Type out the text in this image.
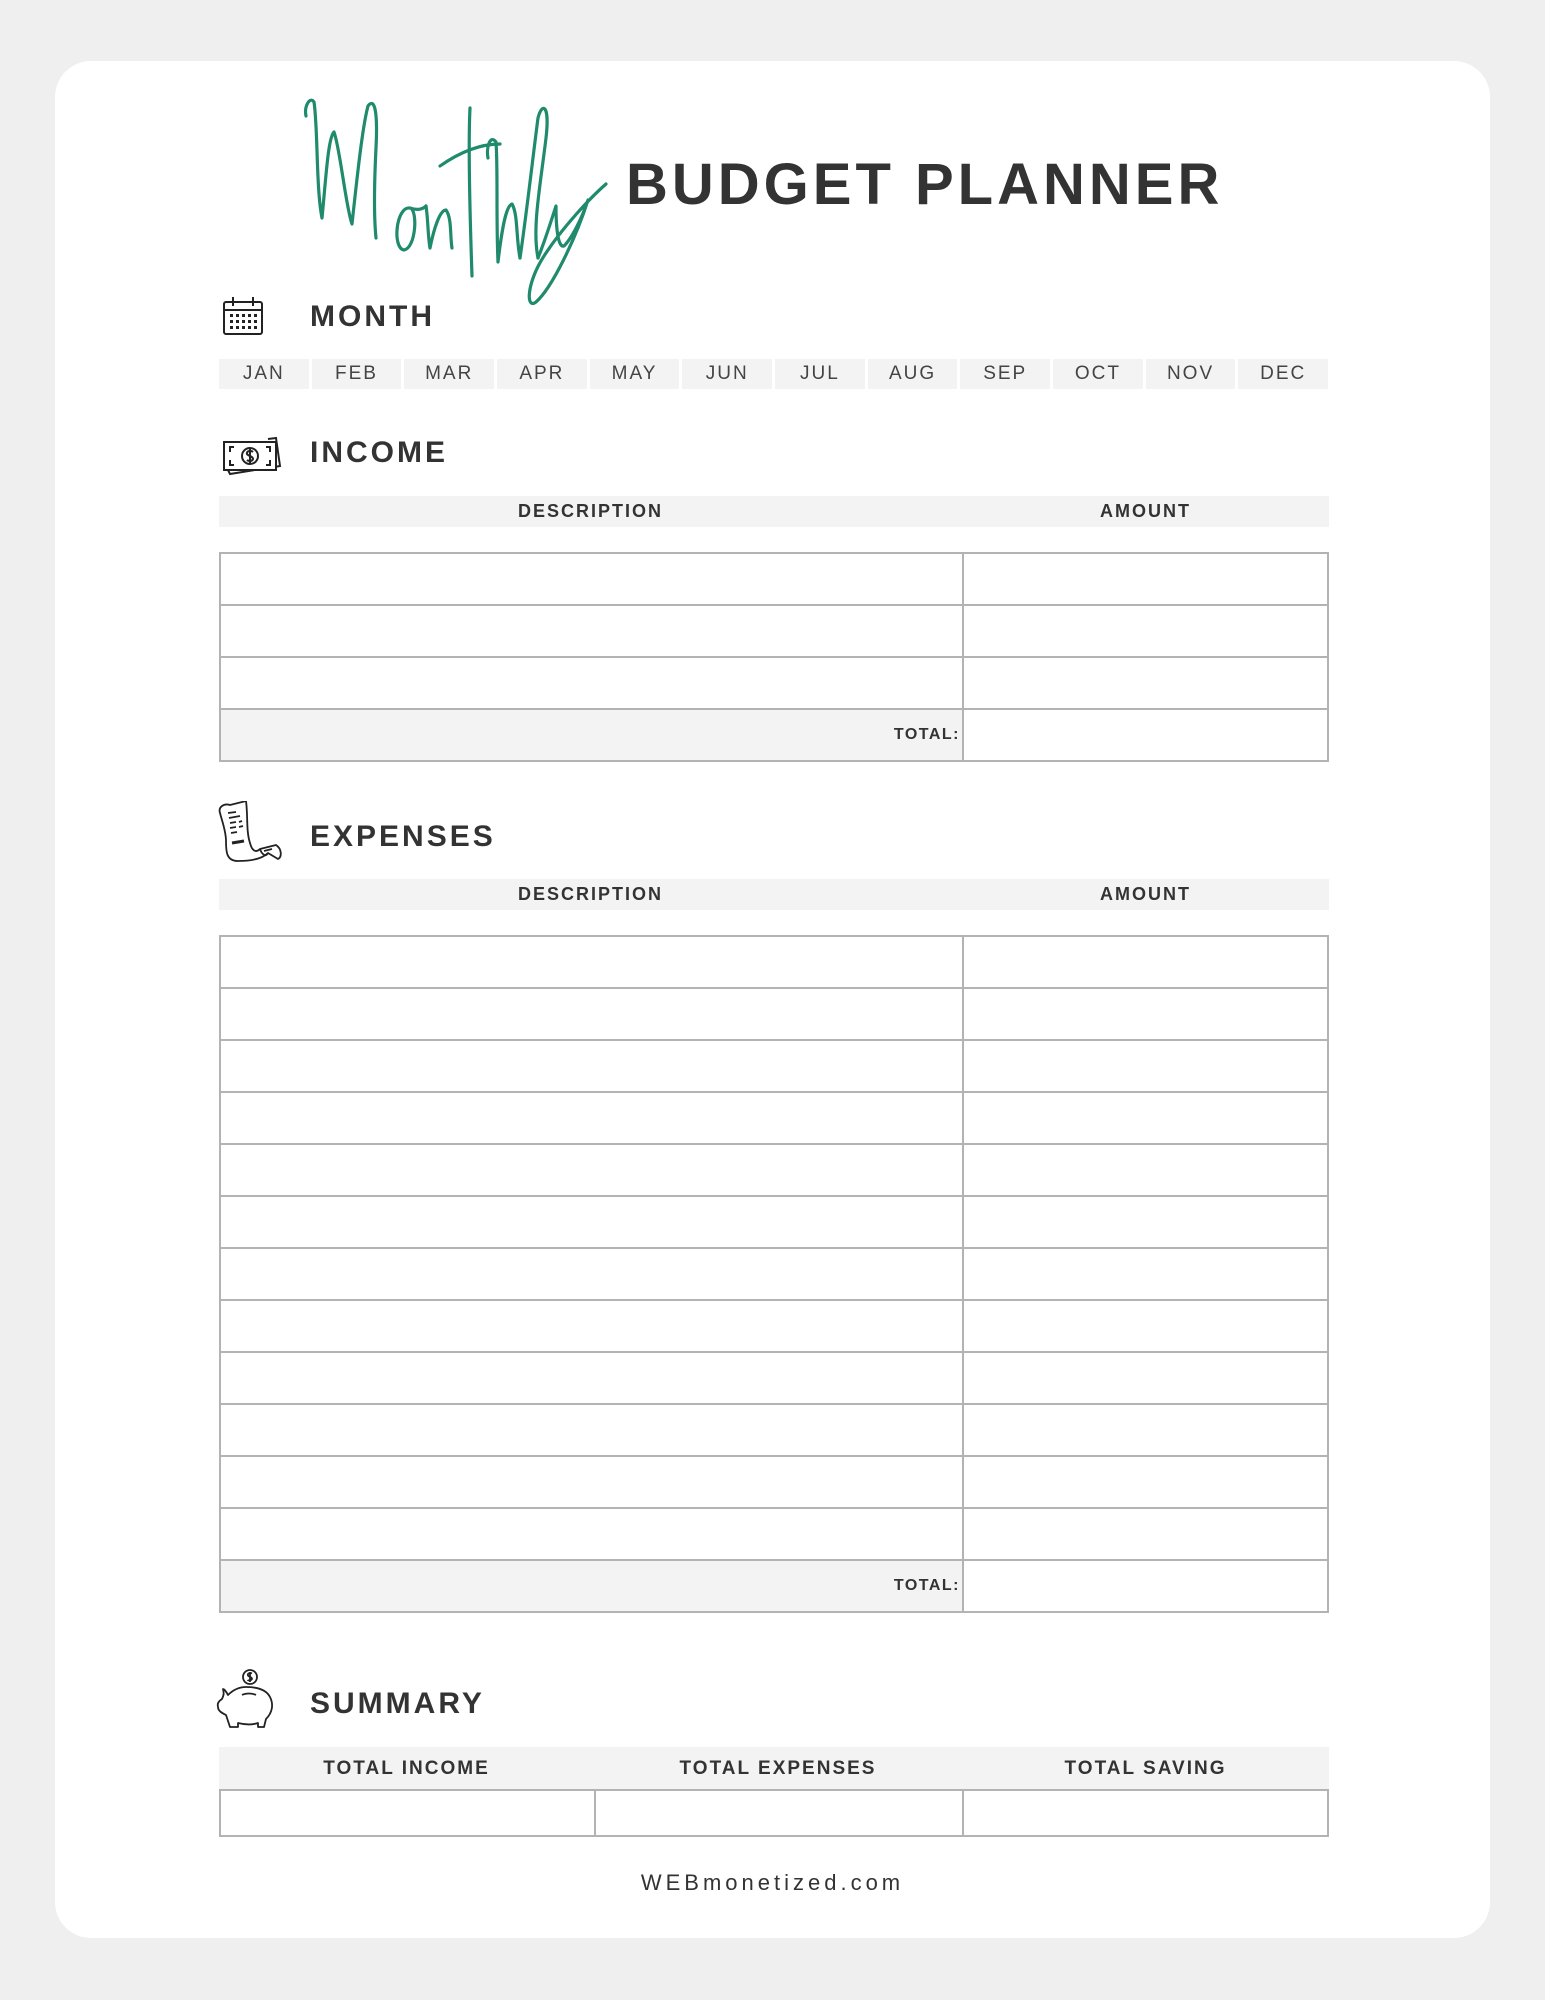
BUDGET PLANNER
MONTH
JAN	FEB	MAR	APR	MAY	JUN	JUL	AUG	SEP	OCT	NOV	DEC
INCOME
DESCRIPTION	AMOUNT

TOTAL:	
EXPENSES
DESCRIPTION	AMOUNT

TOTAL:	
SUMMARY
TOTAL INCOME	TOTAL EXPENSES	TOTAL SAVING

WEBmonetized.com
